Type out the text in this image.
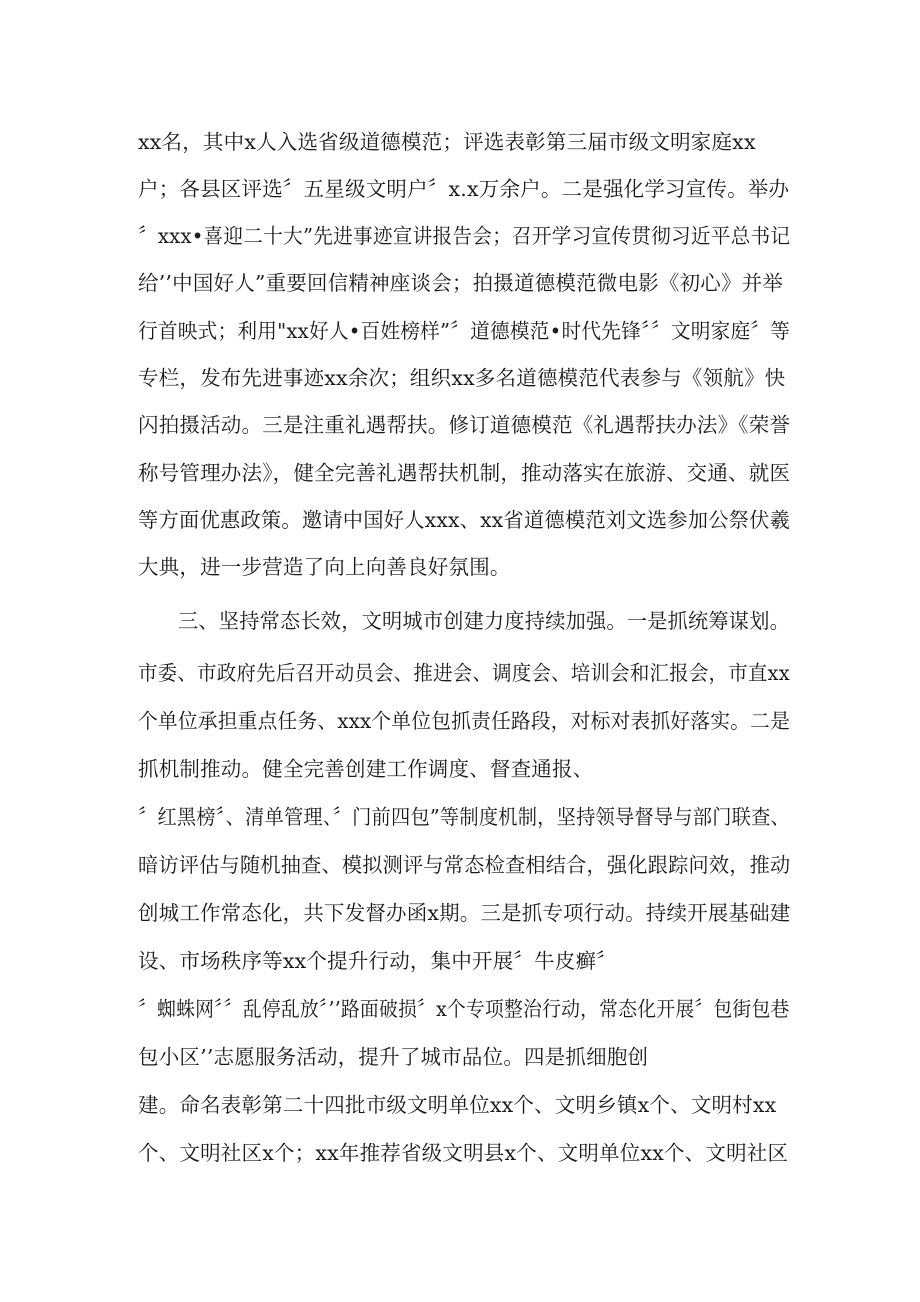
xx名，其中x人入选省级道德模范；评选表彰第三届市级文明家庭xx
户；各县区评选〞五星级文明户〞x.x万余户。二是强化学习宣传。举办
〞xxx•喜迎二十大”先进事迹宣讲报告会；召开学习宣传贯彻习近平总书记
给’’中国好人”重要回信精神座谈会；拍摄道德模范微电影《初心》并举
行首映式；利用"xx好人•百姓榜样”〞道德模范•时代先锋〞〞文明家庭〞等
专栏，发布先进事迹xx余次；组织xx多名道德模范代表参与《领航》快
闪拍摄活动。三是注重礼遇帮扶。修订道德模范《礼遇帮扶办法》《荣誉
称号管理办法》，健全完善礼遇帮扶机制，推动落实在旅游、交通、就医
等方面优惠政策。邀请中国好人xxx、xx省道德模范刘文选参加公祭伏羲
大典，进一步营造了向上向善良好氛围。
三、坚持常态长效，文明城市创建力度持续加强。一是抓统筹谋划。
市委、市政府先后召开动员会、推进会、调度会、培训会和汇报会，市直xx
个单位承担重点任务、xxx个单位包抓责任路段，对标对表抓好落实。二是
抓机制推动。健全完善创建工作调度、督查通报、
〞红黑榜〞、清单管理、〞门前四包”等制度机制，坚持领导督导与部门联查、
暗访评估与随机抽查、模拟测评与常态检查相结合，强化跟踪问效，推动
创城工作常态化，共下发督办函x期。三是抓专项行动。持续开展基础建
设、市场秩序等xx个提升行动，集中开展〞牛皮癣〞
〞蜘蛛网〞〞乱停乱放〞’’路面破损〞x个专项整治行动，常态化开展〞包街包巷
包小区’’志愿服务活动，提升了城市品位。四是抓细胞创
建。命名表彰第二十四批市级文明单位xx个、文明乡镇x个、文明村xx
个、文明社区x个；xx年推荐省级文明县x个、文明单位xx个、文明社区
